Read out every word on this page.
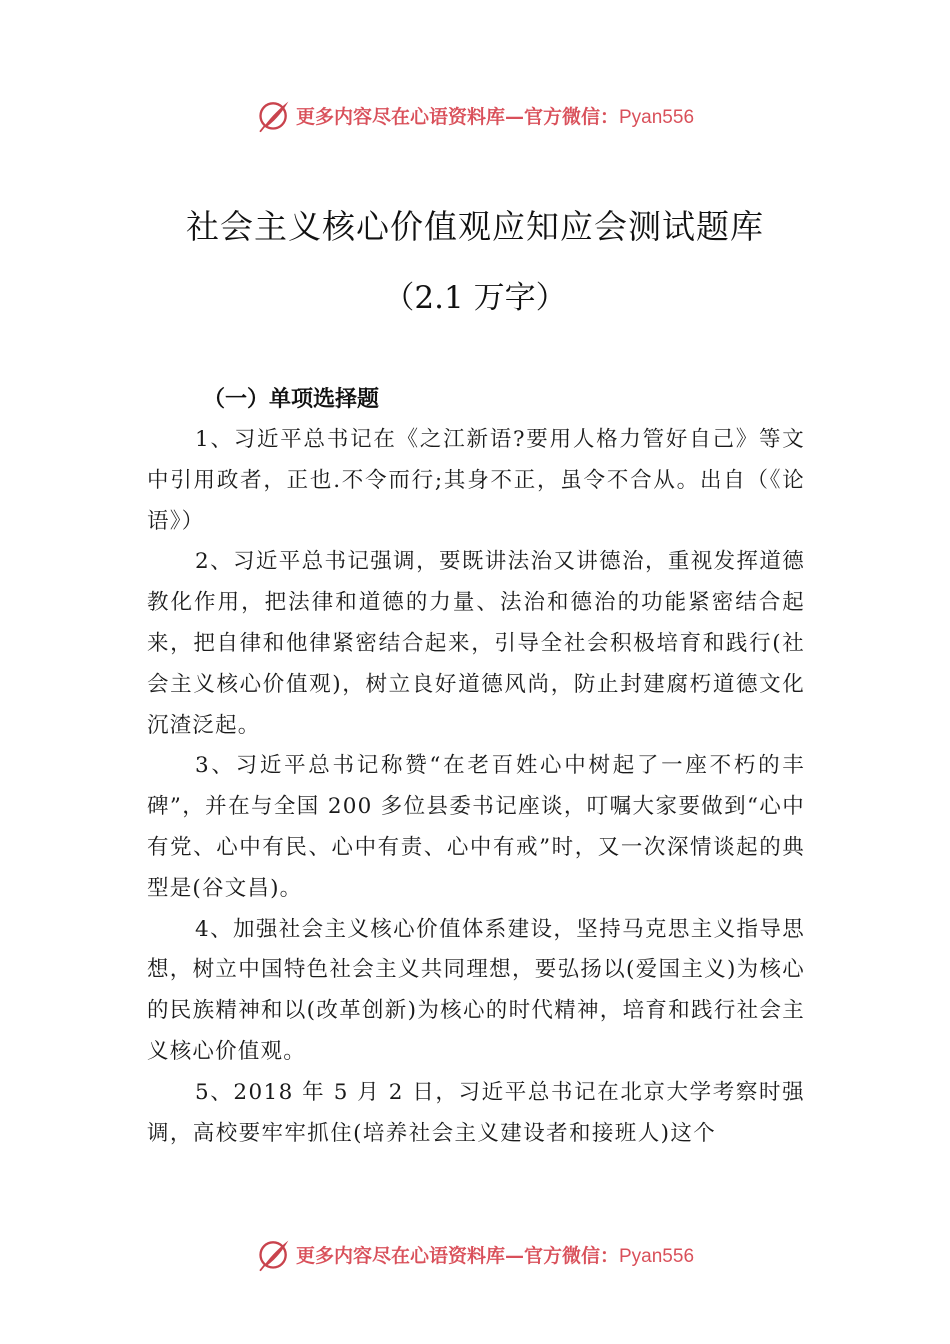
更多内容尽在心语资料库—官方微信：Pyan556
社会主义核心价值观应知应会测试题库
（2.1 万字）
（一）单项选择题

1、习近平总书记在《之江新语?要用人格力管好自己》等文中引用政者，正也.不令而行;其身不正，虽令不合从。出自（《论语》）

2、习近平总书记强调，要既讲法治又讲德治，重视发挥道德教化作用，把法律和道德的力量、法治和德治的功能紧密结合起来，把自律和他律紧密结合起来，引导全社会积极培育和践行(社会主义核心价值观)，树立良好道德风尚，防止封建腐朽道德文化沉渣泛起。

3、习近平总书记称赞“在老百姓心中树起了一座不朽的丰碑”，并在与全国 200 多位县委书记座谈，叮嘱大家要做到“心中有党、心中有民、心中有责、心中有戒”时，又一次深情谈起的典型是(谷文昌)。

4、加强社会主义核心价值体系建设，坚持马克思主义指导思想，树立中国特色社会主义共同理想，要弘扬以(爱国主义)为核心的民族精神和以(改革创新)为核心的时代精神，培育和践行社会主义核心价值观。

5、2018 年 5 月 2 日，习近平总书记在北京大学考察时强调，高校要牢牢抓住(培养社会主义建设者和接班人)这个

更多内容尽在心语资料库—官方微信：Pyan556
